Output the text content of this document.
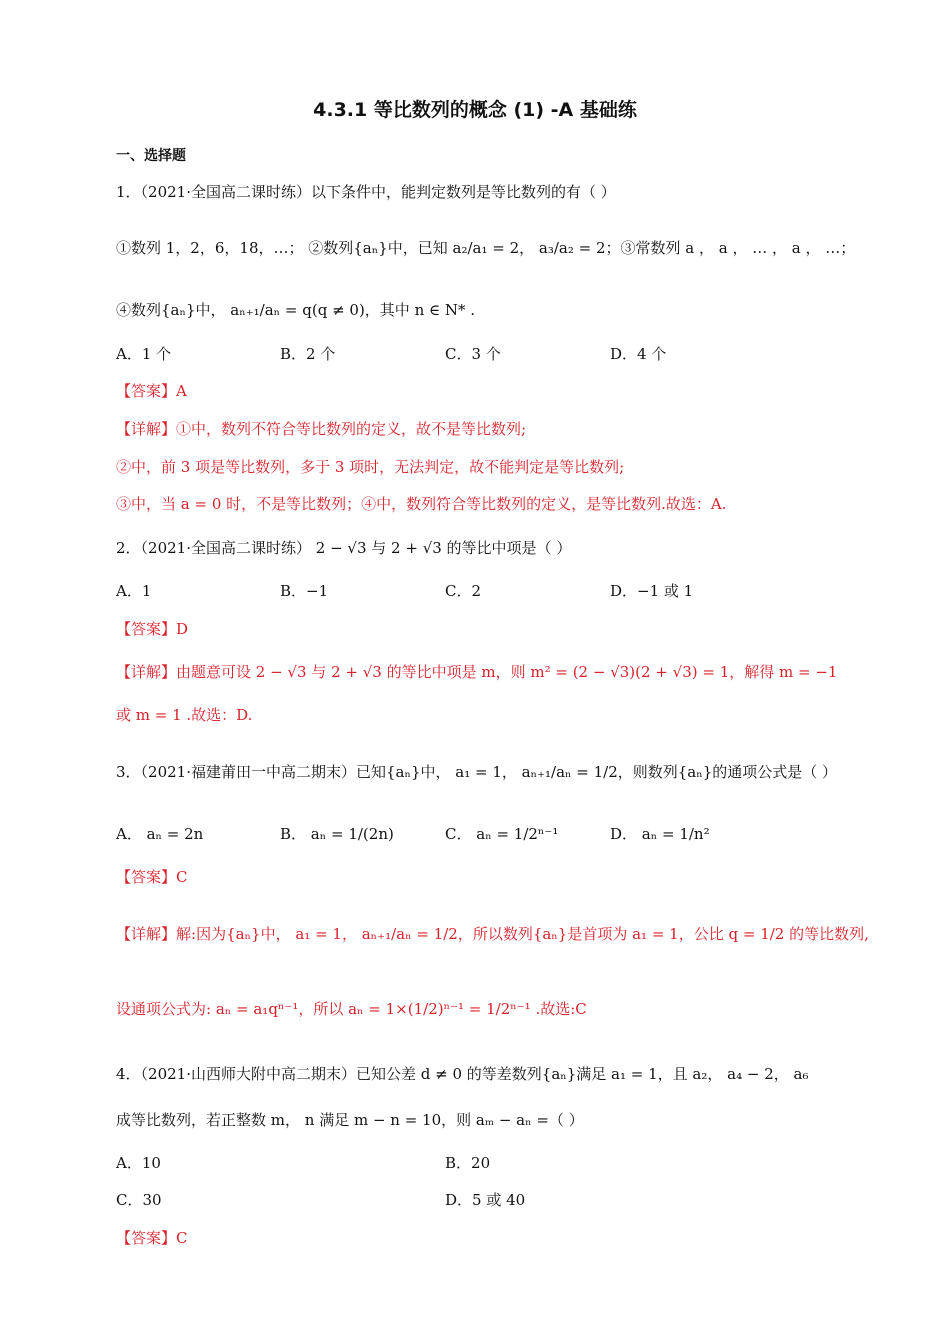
4.3.1 等比数列的概念 (1) -A 基础练
一、选择题
1．（2021·全国高二课时练）以下条件中，能判定数列是等比数列的有（ ）
①数列 1，2，6，18，…； ②数列{aₙ}中，已知 a₂/a₁ = 2， a₃/a₂ = 2；③常数列 a ， a ， … ， a ， …；
④数列{aₙ}中， aₙ₊₁/aₙ = q(q ≠ 0)，其中 n ∈ N* .
A．1 个	B．2 个	C．3 个	D．4 个
【答案】A
【详解】①中，数列不符合等比数列的定义，故不是等比数列;
②中，前 3 项是等比数列，多于 3 项时，无法判定，故不能判定是等比数列;
③中，当 a = 0 时，不是等比数列；④中，数列符合等比数列的定义，是等比数列.故选：A.
2．（2021·全国高二课时练） 2 − √3 与 2 + √3 的等比中项是（ ）
A．1	B．−1	C．2	D．−1 或 1
【答案】D
【详解】由题意可设 2 − √3 与 2 + √3 的等比中项是 m，则 m² = (2 − √3)(2 + √3) = 1，解得 m = −1
或 m = 1 .故选：D.
3．（2021·福建莆田一中高二期末）已知{aₙ}中， a₁ = 1， aₙ₊₁/aₙ = 1/2，则数列{aₙ}的通项公式是（ ）
A． aₙ = 2n	B． aₙ = 1/(2n)	C． aₙ = 1/2ⁿ⁻¹	D． aₙ = 1/n²
【答案】C
【详解】解:因为{aₙ}中， a₁ = 1， aₙ₊₁/aₙ = 1/2，所以数列{aₙ}是首项为 a₁ = 1，公比 q = 1/2 的等比数列,
设通项公式为: aₙ = a₁qⁿ⁻¹，所以 aₙ = 1×(1/2)ⁿ⁻¹ = 1/2ⁿ⁻¹ .故选:C
4．（2021·山西师大附中高二期末）已知公差 d ≠ 0 的等差数列{aₙ}满足 a₁ = 1，且 a₂， a₄ − 2， a₆
成等比数列，若正整数 m， n 满足 m − n = 10，则 aₘ − aₙ =（ ）
A．10	B．20
C．30	D．5 或 40
【答案】C
